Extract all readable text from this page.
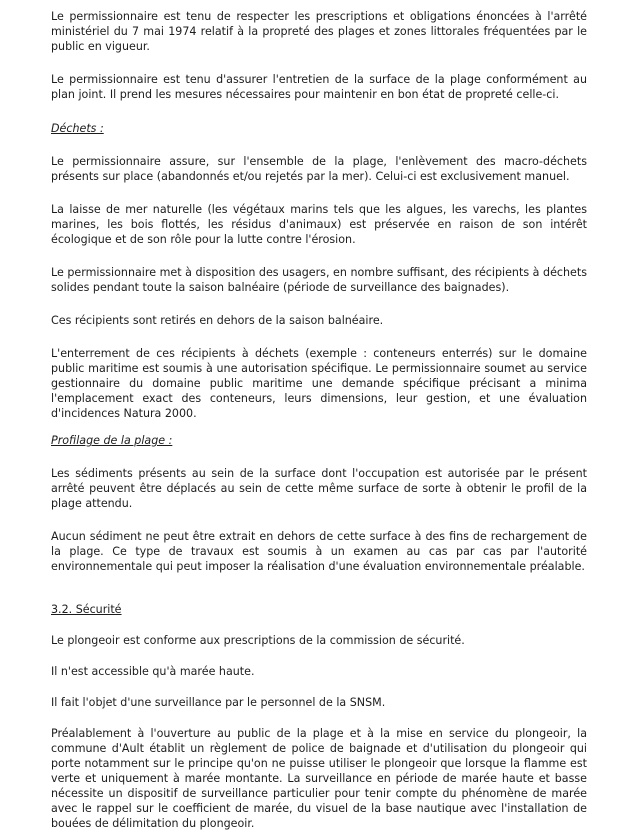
Le permissionnaire est tenu de respecter les prescriptions et obligations énoncées à l'arrêté ministériel du 7 mai 1974 relatif à la propreté des plages et zones littorales fréquentées par le public en vigueur.

Le permissionnaire est tenu d'assurer l'entretien de la surface de la plage conformément au plan joint. Il prend les mesures nécessaires pour maintenir en bon état de propreté celle-ci.

Déchets :

Le permissionnaire assure, sur l'ensemble de la plage, l'enlèvement des macro-déchets présents sur place (abandonnés et/ou rejetés par la mer). Celui-ci est exclusivement manuel.

La laisse de mer naturelle (les végétaux marins tels que les algues, les varechs, les plantes marines, les bois flottés, les résidus d'animaux) est préservée en raison de son intérêt écologique et de son rôle pour la lutte contre l'érosion.

Le permissionnaire met à disposition des usagers, en nombre suffisant, des récipients à déchets solides pendant toute la saison balnéaire (période de surveillance des baignades).

Ces récipients sont retirés en dehors de la saison balnéaire.

L'enterrement de ces récipients à déchets (exemple : conteneurs enterrés) sur le domaine public maritime est soumis à une autorisation spécifique. Le permissionnaire soumet au service gestionnaire du domaine public maritime une demande spécifique précisant a minima l'emplacement exact des conteneurs, leurs dimensions, leur gestion, et une évaluation d'incidences Natura 2000.

Profilage de la plage :

Les sédiments présents au sein de la surface dont l'occupation est autorisée par le présent arrêté peuvent être déplacés au sein de cette même surface de sorte à obtenir le profil de la plage attendu.

Aucun sédiment ne peut être extrait en dehors de cette surface à des fins de rechargement de la plage. Ce type de travaux est soumis à un examen au cas par cas par l'autorité environnementale qui peut imposer la réalisation d'une évaluation environnementale préalable.

3.2. Sécurité

Le plongeoir est conforme aux prescriptions de la commission de sécurité.

Il n'est accessible qu'à marée haute.

Il fait l'objet d'une surveillance par le personnel de la SNSM.

Préalablement à l'ouverture au public de la plage et à la mise en service du plongeoir, la commune d'Ault établit un règlement de police de baignade et d'utilisation du plongeoir qui porte notamment sur le principe qu'on ne puisse utiliser le plongeoir que lorsque la flamme est verte et uniquement à marée montante. La surveillance en période de marée haute et basse nécessite un dispositif de surveillance particulier pour tenir compte du phénomène de marée avec le rappel sur le coefficient de marée, du visuel de la base nautique avec l'installation de bouées de délimitation du plongeoir.
